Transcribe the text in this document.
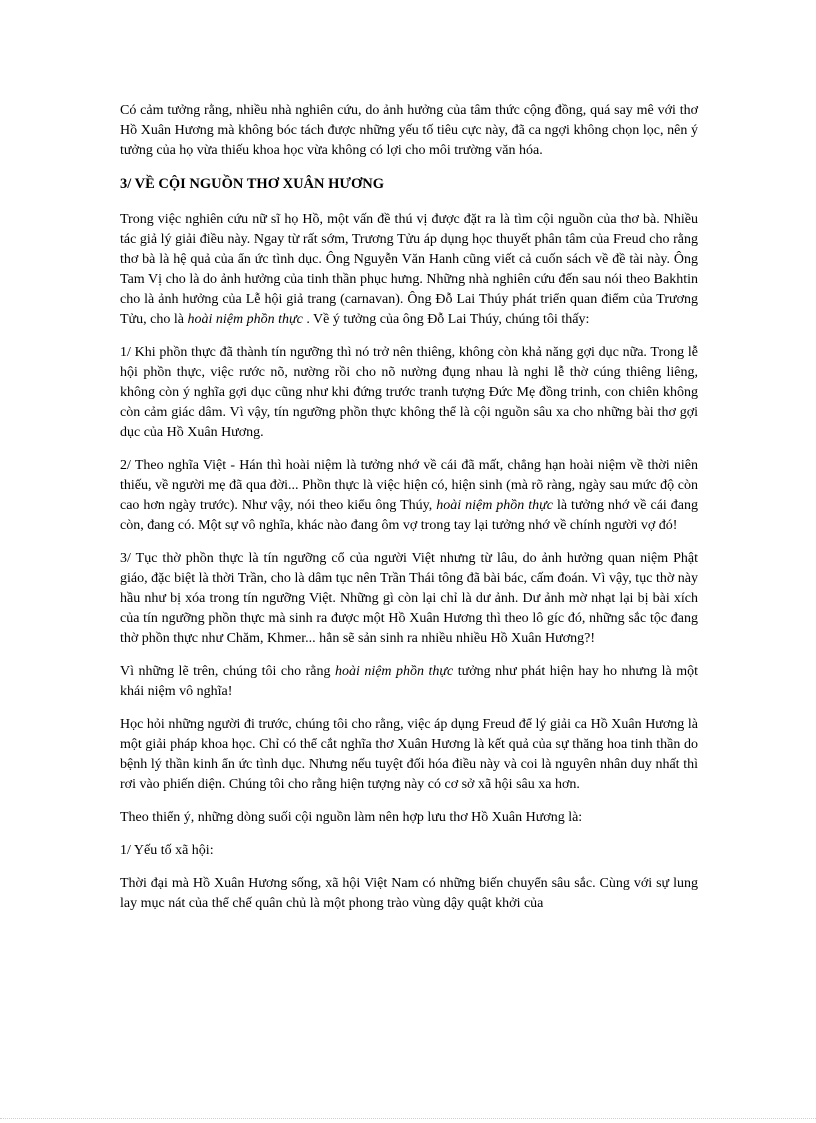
Có cảm tưởng rằng, nhiều nhà nghiên cứu, do ảnh hưởng của tâm thức cộng đồng, quá say mê với thơ Hồ Xuân Hương mà không bóc tách được những yếu tố tiêu cực này, đã ca ngợi không chọn lọc, nên ý tưởng của họ vừa thiếu khoa học vừa không có lợi cho môi trường văn hóa.

3/ VỀ CỘI NGUỒN THƠ XUÂN HƯƠNG

Trong việc nghiên cứu nữ sĩ họ Hồ, một vấn đề thú vị được đặt ra là tìm cội nguồn của thơ bà. Nhiều tác giả lý giải điều này. Ngay từ rất sớm, Trương Tửu áp dụng học thuyết phân tâm của Freud cho rằng thơ bà là hệ quả của ẩn ức tình dục. Ông Nguyễn Văn Hanh cũng viết cả cuốn sách về đề tài này. Ông Tam Vị cho là do ảnh hưởng của tinh thần phục hưng. Những nhà nghiên cứu đến sau nói theo Bakhtin cho là ảnh hưởng của Lễ hội giả trang (carnavan). Ông Đỗ Lai Thúy phát triển quan điểm của Trương Tửu, cho là hoài niệm phồn thực . Về ý tưởng của ông Đỗ Lai Thúy, chúng tôi thấy:

1/ Khi phồn thực đã thành tín ngưỡng thì nó trở nên thiêng, không còn khả năng gợi dục nữa. Trong lễ hội phồn thực, việc rước nõ, nường rồi cho nõ nường đụng nhau là nghi lễ thờ cúng thiêng liêng, không còn ý nghĩa gợi dục cũng như khi đứng trước tranh tượng Đức Mẹ đồng trinh, con chiên không còn cảm giác dâm. Vì vậy, tín ngưỡng phồn thực không thể là cội nguồn sâu xa cho những bài thơ gợi dục của Hồ Xuân Hương.

2/ Theo nghĩa Việt - Hán thì hoài niệm là tưởng nhớ về cái đã mất, chẳng hạn hoài niệm về thời niên thiếu, về người mẹ đã qua đời... Phồn thực là việc hiện có, hiện sinh (mà rõ ràng, ngày sau mức độ còn cao hơn ngày trước). Như vậy, nói theo kiểu ông Thúy, hoài niệm phồn thực là tưởng nhớ về cái đang còn, đang có. Một sự vô nghĩa, khác nào đang ôm vợ trong tay lại tưởng nhớ về chính người vợ đó!

3/ Tục thờ phồn thực là tín ngưỡng cổ của người Việt nhưng từ lâu, do ảnh hưởng quan niệm Phật giáo, đặc biệt là thời Trần, cho là dâm tục nên Trần Thái tông đã bài bác, cấm đoán. Vì vậy, tục thờ này hầu như bị xóa trong tín ngưỡng Việt. Những gì còn lại chỉ là dư ảnh. Dư ảnh mờ nhạt lại bị bài xích của tín ngưỡng phồn thực mà sinh ra được một Hồ Xuân Hương thì theo lô gíc đó, những sắc tộc đang thờ phồn thực như Chăm, Khmer... hẳn sẽ sản sinh ra nhiều nhiều Hồ Xuân Hương?!

Vì những lẽ trên, chúng tôi cho rằng hoài niệm phồn thực tưởng như phát hiện hay ho nhưng là một khái niệm vô nghĩa!

Học hỏi những người đi trước, chúng tôi cho rằng, việc áp dụng Freud để lý giải ca Hồ Xuân Hương là một giải pháp khoa học. Chỉ có thể cắt nghĩa thơ Xuân Hương là kết quả của sự thăng hoa tinh thần do bệnh lý thần kinh ẩn ức tình dục. Nhưng nếu tuyệt đối hóa điều này và coi là nguyên nhân duy nhất thì rơi vào phiến diện. Chúng tôi cho rằng hiện tượng này có cơ sở xã hội sâu xa hơn.

Theo thiển ý, những dòng suối cội nguồn làm nên hợp lưu thơ Hồ Xuân Hương là:

1/ Yếu tố xã hội:

Thời đại mà Hồ Xuân Hương sống, xã hội Việt Nam có những biến chuyển sâu sắc. Cùng với sự lung lay mục nát của thể chế quân chủ là một phong trào vùng dậy quật khởi của
